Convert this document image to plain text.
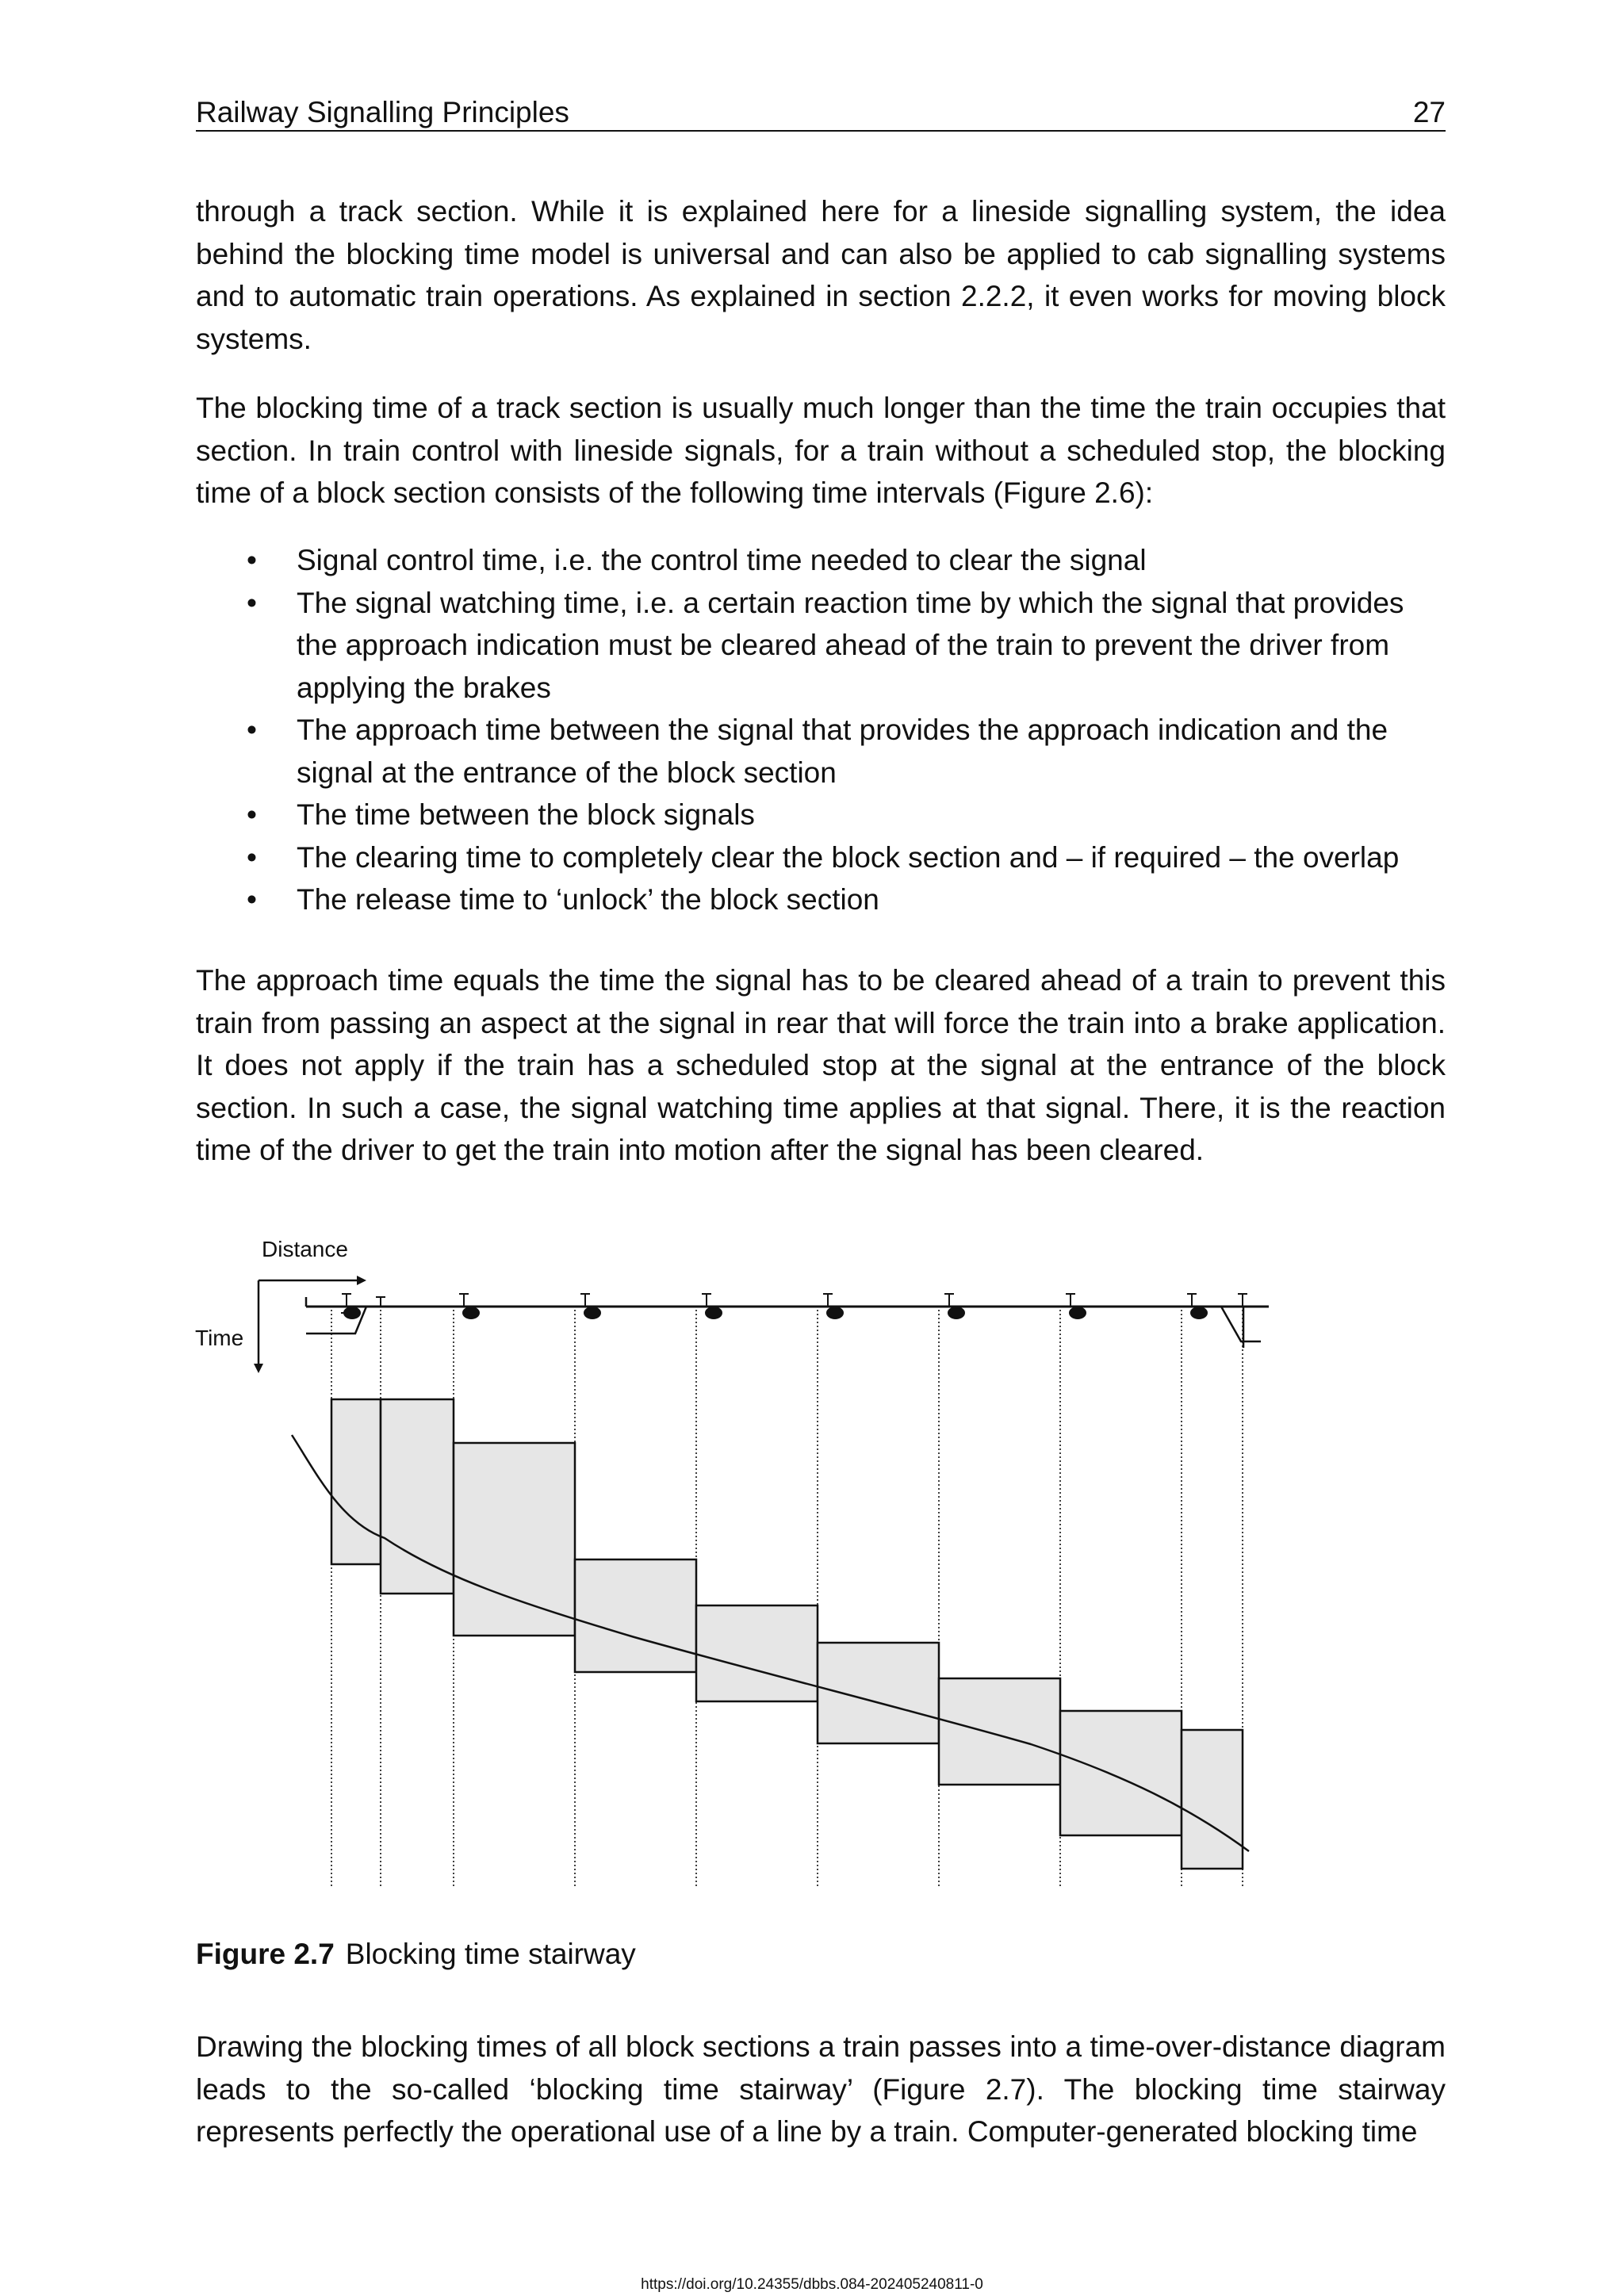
Railway Signalling Principles	27

through a track section. While it is explained here for a lineside signalling system, the idea behind the blocking time model is universal and can also be applied to cab signalling systems and to automatic train operations. As explained in section 2.2.2, it even works for moving block systems.

The blocking time of a track section is usually much longer than the time the train occupies that section. In train control with lineside signals, for a train without a scheduled stop, the blocking time of a block section consists of the following time intervals (Figure 2.6):

• Signal control time, i.e. the control time needed to clear the signal
• The signal watching time, i.e. a certain reaction time by which the signal that provides the approach indication must be cleared ahead of the train to prevent the driver from applying the brakes
• The approach time between the signal that provides the approach indication and the signal at the entrance of the block section
• The time between the block signals
• The clearing time to completely clear the block section and – if required – the overlap
• The release time to ‘unlock’ the block section

The approach time equals the time the signal has to be cleared ahead of a train to prevent this train from passing an aspect at the signal in rear that will force the train into a brake application. It does not apply if the train has a scheduled stop at the signal at the entrance of the block section. In such a case, the signal watching time applies at that signal. There, it is the reaction time of the driver to get the train into motion after the signal has been cleared.

Distance
Time
Figure 2.7 Blocking time stairway

Drawing the blocking times of all block sections a train passes into a time-over-distance diagram leads to the so-called ‘blocking time stairway’ (Figure 2.7). The blocking time stairway represents perfectly the operational use of a line by a train. Computer-generated blocking time

https://doi.org/10.24355/dbbs.084-202405240811-0
